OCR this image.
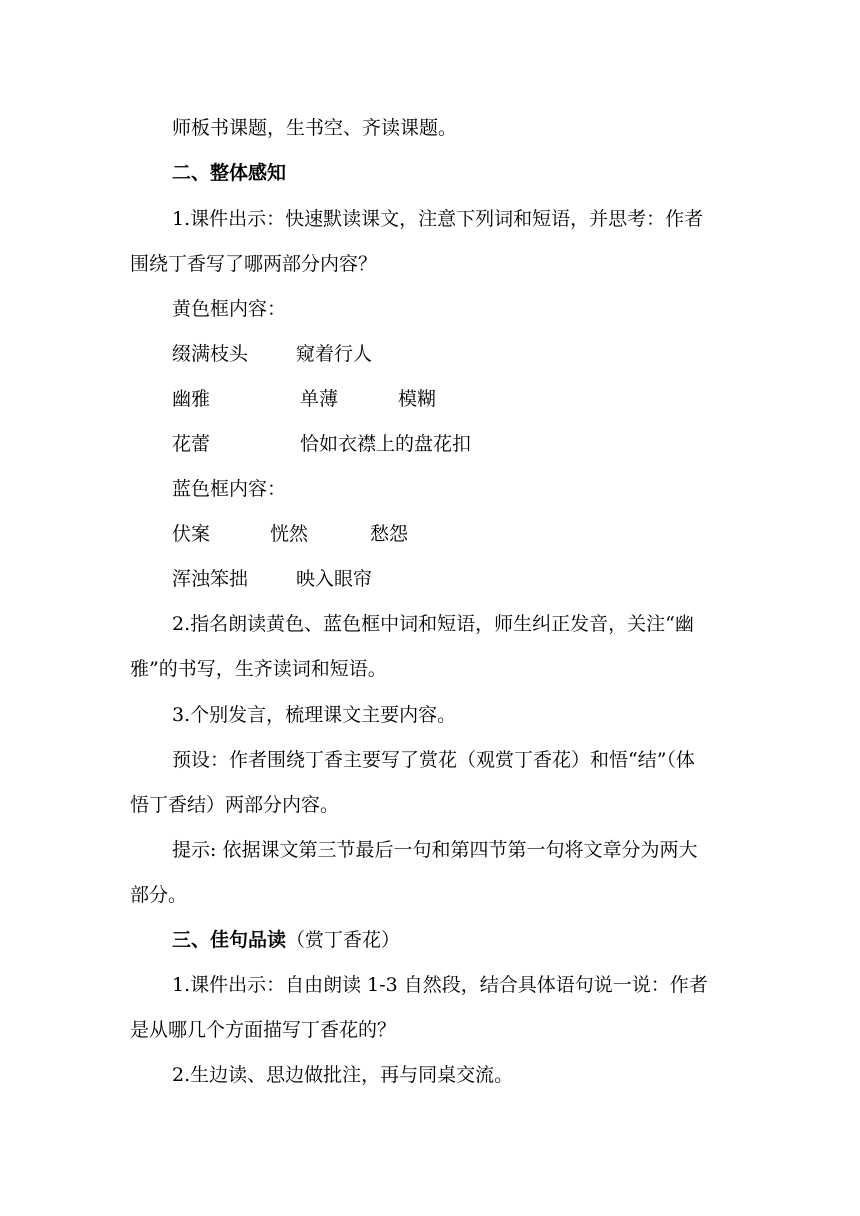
师板书课题，生书空、齐读课题。
二、整体感知
1.课件出示：快速默读课文，注意下列词和短语，并思考：作者
围绕丁香写了哪两部分内容？
黄色框内容：
缀满枝头	窥着行人
幽雅	单薄	模糊
花蕾	恰如衣襟上的盘花扣
蓝色框内容：
伏案	恍然	愁怨
浑浊笨拙	映入眼帘
2.指名朗读黄色、蓝色框中词和短语，师生纠正发音，关注“幽
雅”的书写，生齐读词和短语。
3.个别发言，梳理课文主要内容。
预设：作者围绕丁香主要写了赏花（观赏丁香花）和悟“结”（体
悟丁香结）两部分内容。
提示: 依据课文第三节最后一句和第四节第一句将文章分为两大
部分。
三、佳句品读（赏丁香花）
1.课件出示：自由朗读 1-3 自然段，结合具体语句说一说：作者
是从哪几个方面描写丁香花的？
2.生边读、思边做批注，再与同桌交流。
